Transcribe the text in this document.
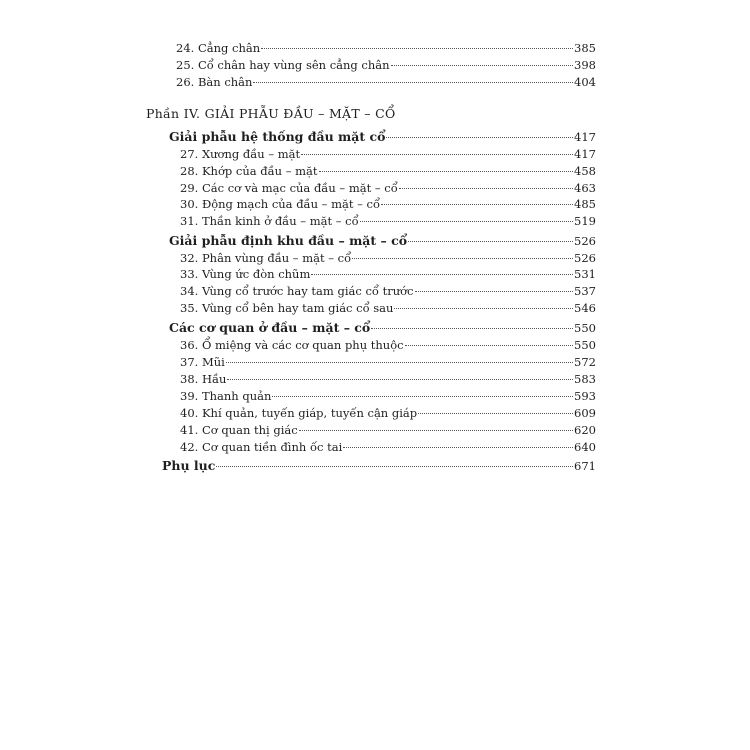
24. Cẳng chân	385
25. Cổ chân hay vùng sên cẳng chân	398
26. Bàn chân	404
Phần IV. GIẢI PHẪU ĐẦU – MẶT – CỔ
Giải phẫu hệ thống đầu mặt cổ	417
27. Xương đầu – mặt	417
28. Khớp của đầu – mặt	458
29. Các cơ và mạc của đầu – mặt – cổ	463
30. Động mạch của đầu – mặt – cổ	485
31. Thần kinh ở đầu – mặt – cổ	519
Giải phẫu định khu đầu – mặt – cổ	526
32. Phân vùng đầu – mặt – cổ	526
33. Vùng ức đòn chũm	531
34. Vùng cổ trước hay tam giác cổ trước	537
35. Vùng cổ bên hay tam giác cổ sau	546
Các cơ quan ở đầu – mặt – cổ	550
36. Ổ miệng và các cơ quan phụ thuộc	550
37. Mũi	572
38. Hầu	583
39. Thanh quản	593
40. Khí quản, tuyến giáp, tuyến cận giáp	609
41. Cơ quan thị giác	620
42. Cơ quan tiền đình ốc tai	640
Phụ lục	671
